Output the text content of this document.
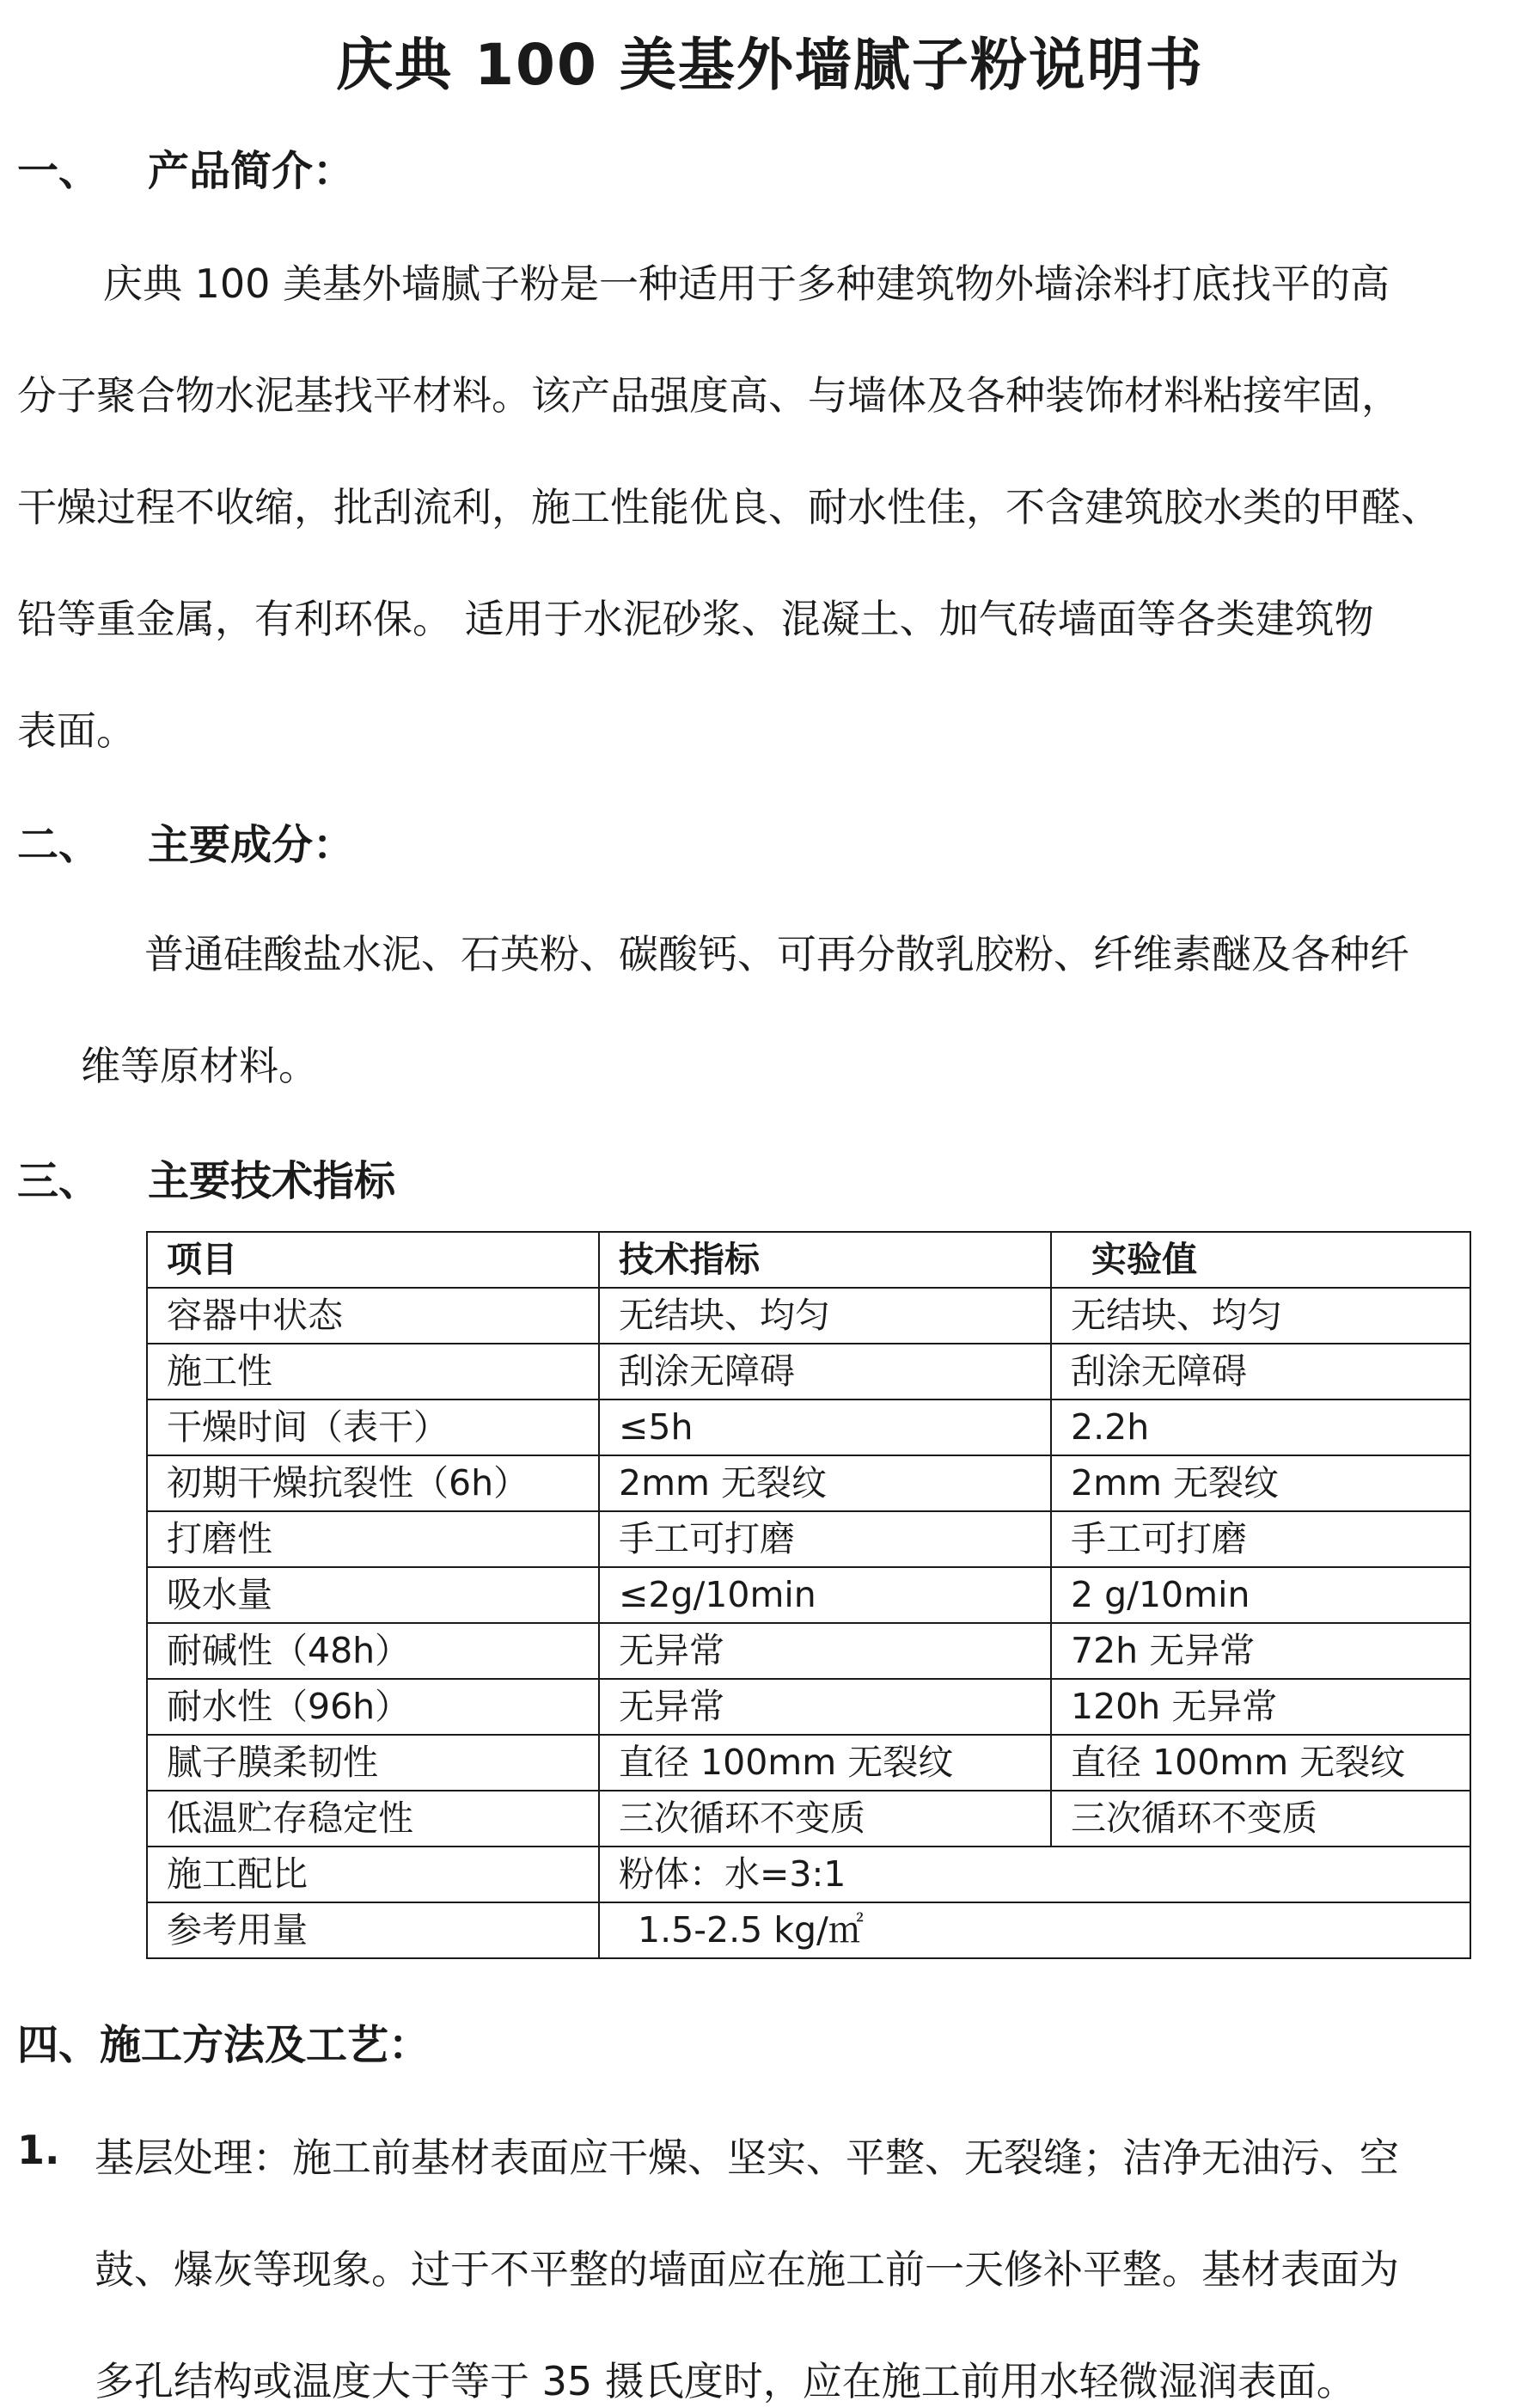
庆典 100 美基外墙腻子粉说明书
一、 产品简介：
庆典 100 美基外墙腻子粉是一种适用于多种建筑物外墙涂料打底找平的高
分子聚合物水泥基找平材料。该产品强度高、与墙体及各种装饰材料粘接牢固，
干燥过程不收缩，批刮流利，施工性能优良、耐水性佳，不含建筑胶水类的甲醛、
铅等重金属，有利环保。 适用于水泥砂浆、混凝土、加气砖墙面等各类建筑物
表面。
二、 主要成分：
普通硅酸盐水泥、石英粉、碳酸钙、可再分散乳胶粉、纤维素醚及各种纤
维等原材料。
三、 主要技术指标
项目	技术指标	实验值
容器中状态	无结块、均匀	无结块、均匀
施工性	刮涂无障碍	刮涂无障碍
干燥时间（表干）	≤5h	2.2h
初期干燥抗裂性（6h）	2mm 无裂纹	2mm 无裂纹
打磨性	手工可打磨	手工可打磨
吸水量	≤2g/10min	2 g/10min
耐碱性（48h）	无异常	72h 无异常
耐水性（96h）	无异常	120h 无异常
腻子膜柔韧性	直径 100mm 无裂纹	直径 100mm 无裂纹
低温贮存稳定性	三次循环不变质	三次循环不变质
施工配比	粉体：水=3:1	
参考用量	1.5-2.5 kg/㎡	
四、施工方法及工艺：
1. 基层处理：施工前基材表面应干燥、坚实、平整、无裂缝；洁净无油污、空
鼓、爆灰等现象。过于不平整的墙面应在施工前一天修补平整。基材表面为
多孔结构或温度大于等于 35 摄氏度时，应在施工前用水轻微湿润表面。
